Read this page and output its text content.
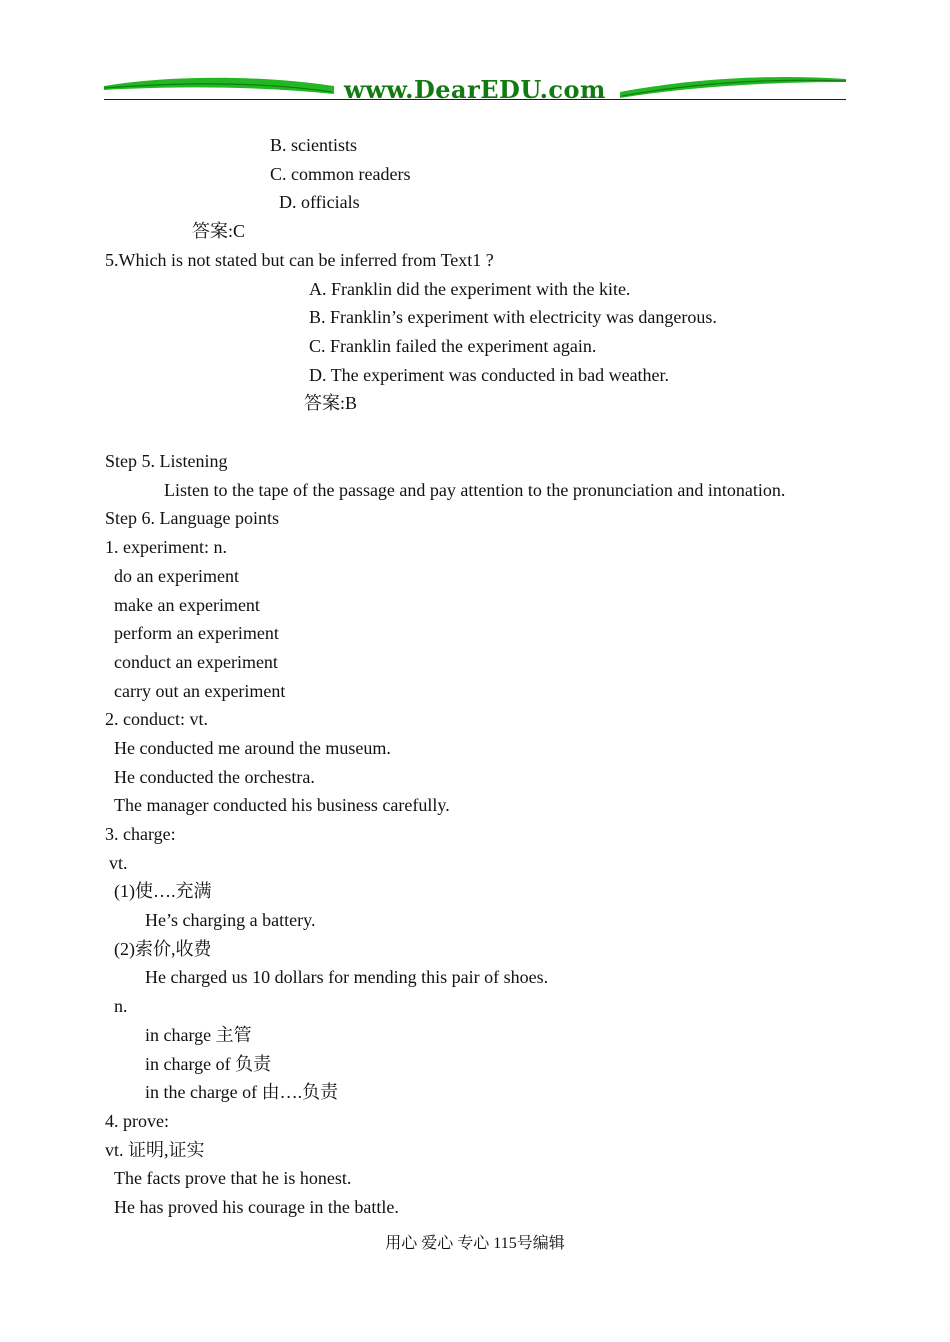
www.DearEDU.com
B. scientists
C. common readers
D. officials
答案:C
5.Which is not stated but can be inferred from Text1 ?
A. Franklin did the experiment with the kite.
B. Franklin’s experiment with electricity was dangerous.
C. Franklin failed the experiment again.
D. The experiment was conducted in bad weather.
答案:B
Step 5. Listening
Listen to the tape of the passage and pay attention to the pronunciation and intonation.
Step 6. Language points
1. experiment: n.
do an experiment
make an experiment
perform an experiment
conduct an experiment
carry out an experiment
2. conduct: vt.
He conducted me around the museum.
He conducted the orchestra.
The manager conducted his business carefully.
3. charge:
vt.
(1)使….充满
He’s charging a battery.
(2)索价,收费
He charged us 10 dollars for mending this pair of shoes.
n.
in charge 主管
in charge of 负责
in the charge of 由….负责
4. prove:
vt. 证明,证实
The facts prove that he is honest.
He has proved his courage in the battle.
用心 爱心 专心 115号编辑
